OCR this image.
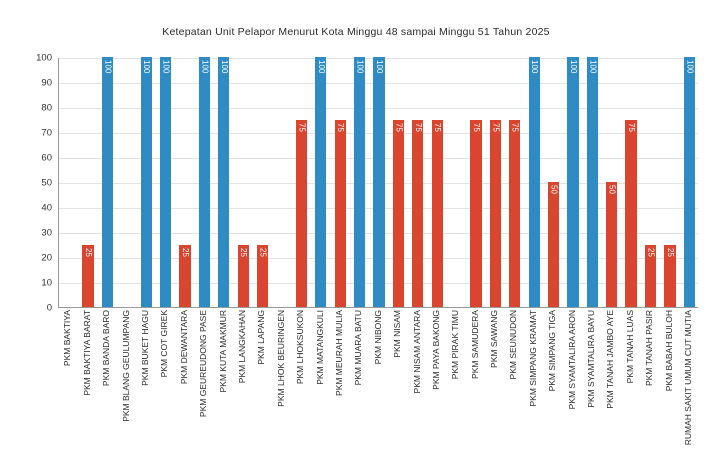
Ketepatan Unit Pelapor Menurut Kota Minggu 48 sampai Minggu 51 Tahun 2025
0
10
20
30
40
50
60
70
80
90
100
25
100	100 100
25
100 100
25 25
75
100
75
100 100
75 75 75	75 75 75
100
50
100 100
50
75
25 25
100
PKM BAKTIYA PKM BAKTIYA BARAT PKM BANDA BARO PKM BLANG GEULUMPANG PKM BUKET HAGU PKM COT GIREK PKM DEWANTARA PKM GEUREUDONG PASE PKM KUTA MAKMUR PKM LANGKAHAN PKM LAPANG PKM LHOK BEURINGEN PKM LHOKSUKON PKM MATANGKULI PKM MEURAH MULIA PKM MUARA BATU PKM NIBONG PKM NISAM PKM NISAM ANTARA PKM PAYA BAKONG PKM PIRAK TIMU PKM SAMUDERA PKM SAWANG PKM SEUNUDON PKM SIMPANG KRAMAT PKM SIMPANG TIGA PKM SYAMTALIRA ARON PKM SYAMTALIRA BAYU PKM TANAH JAMBO AYE PKM TANAH LUAS PKM TANAH PASIR PKM BABAH BULOH RUMAH SAKIT UMUM CUT MUTIA
